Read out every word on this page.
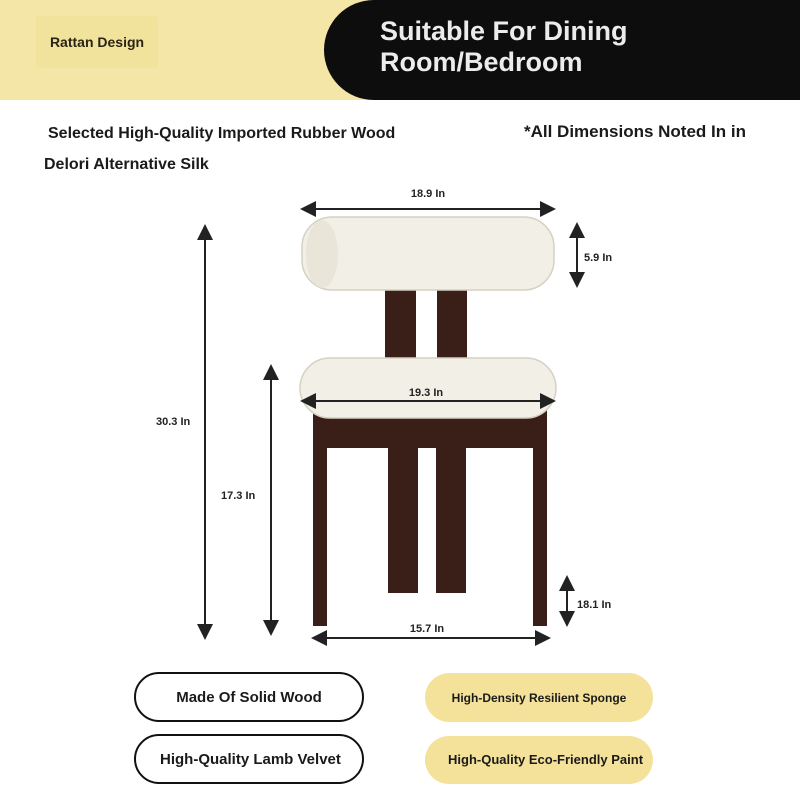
Rattan Design	Suitable For Dining
Room/Bedroom
Selected High-Quality Imported Rubber Wood	*All Dimensions Noted In in
Delori Alternative Silk
18.9 In
5.9 In
19.3 In
30.3 In
17.3 In
18.1 In
15.7 In
Made Of Solid Wood	High-Density Resilient Sponge
High-Quality Lamb Velvet	High-Quality Eco-Friendly Paint
